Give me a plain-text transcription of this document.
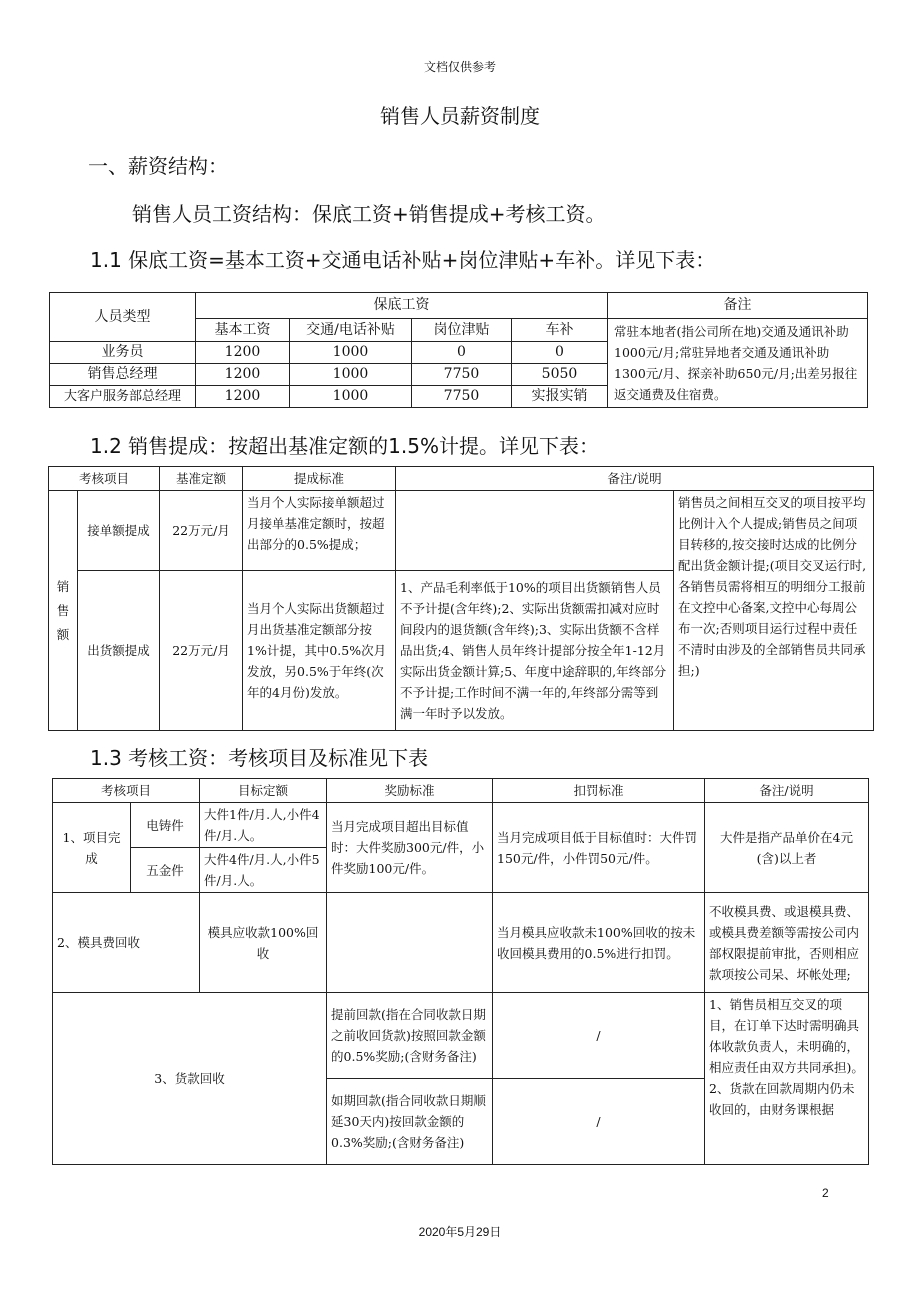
文档仅供参考
销售人员薪资制度
一、薪资结构：
销售人员工资结构：保底工资+销售提成+考核工资。
1.1 保底工资=基本工资+交通电话补贴+岗位津贴+车补。详见下表：
人员类型	保底工资				备注
	基本工资	交通/电话补贴	岗位津贴	车补	常驻本地者(指公司所在地)交通及通讯补助1000元/月;常驻异地者交通及通讯补助1300元/月、探亲补助650元/月;出差另报往返交通费及住宿费。
业务员	1200	1000	0	0	
销售总经理	1200	1000	7750	5050	
大客户服务部总经理	1200	1000	7750	实报实销	
1.2 销售提成：按超出基准定额的1.5%计提。详见下表：
考核项目		基准定额	提成标准	备注/说明	
销售额	接单额提成	22万元/月	当月个人实际接单额超过月接单基准定额时，按超出部分的0.5%提成；		销售员之间相互交叉的项目按平均比例计入个人提成;销售员之间项目转移的,按交接时达成的比例分配出货金额计提;(项目交叉运行时,各销售员需将相互的明细分工报前在文控中心备案,文控中心每周公布一次;否则项目运行过程中责任不清时由涉及的全部销售员共同承担;)
	出货额提成	22万元/月	当月个人实际出货额超过月出货基准定额部分按1%计提，其中0.5%次月发放，另0.5%于年终(次年的4月份)发放。	1、产品毛利率低于10%的项目出货额销售人员不予计提(含年终);2、实际出货额需扣减对应时间段内的退货额(含年终);3、实际出货额不含样品出货;4、销售人员年终计提部分按全年1-12月实际出货金额计算;5、年度中途辞职的,年终部分不予计提;工作时间不满一年的,年终部分需等到满一年时予以发放。	
1.3 考核工资：考核项目及标准见下表
考核项目		目标定额	奖励标准	扣罚标准	备注/说明
1、项目完成	电铸件	大件1件/月.人,小件4件/月.人。	当月完成项目超出目标值时：大件奖励300元/件，小件奖励100元/件。	当月完成项目低于目标值时：大件罚150元/件，小件罚50元/件。	大件是指产品单价在4元(含)以上者
	五金件	大件4件/月.人,小件5件/月.人。			
2、模具费回收		模具应收款100%回收		当月模具应收款未100%回收的按未收回模具费用的0.5%进行扣罚。	不收模具费、或退模具费、或模具费差额等需按公司内部权限提前审批，否则相应款项按公司呆、坏帐处理;
3、货款回收			提前回款(指在合同收款日期之前收回货款)按照回款金额的0.5%奖励;(含财务备注)	/	1、销售员相互交叉的项目，在订单下达时需明确具体收款负责人，未明确的，相应责任由双方共同承担)。2、货款在回款周期内仍未收回的，由财务课根据
			如期回款(指合同收款日期顺延30天内)按回款金额的0.3%奖励;(含财务备注)	/	
2
2020年5月29日
